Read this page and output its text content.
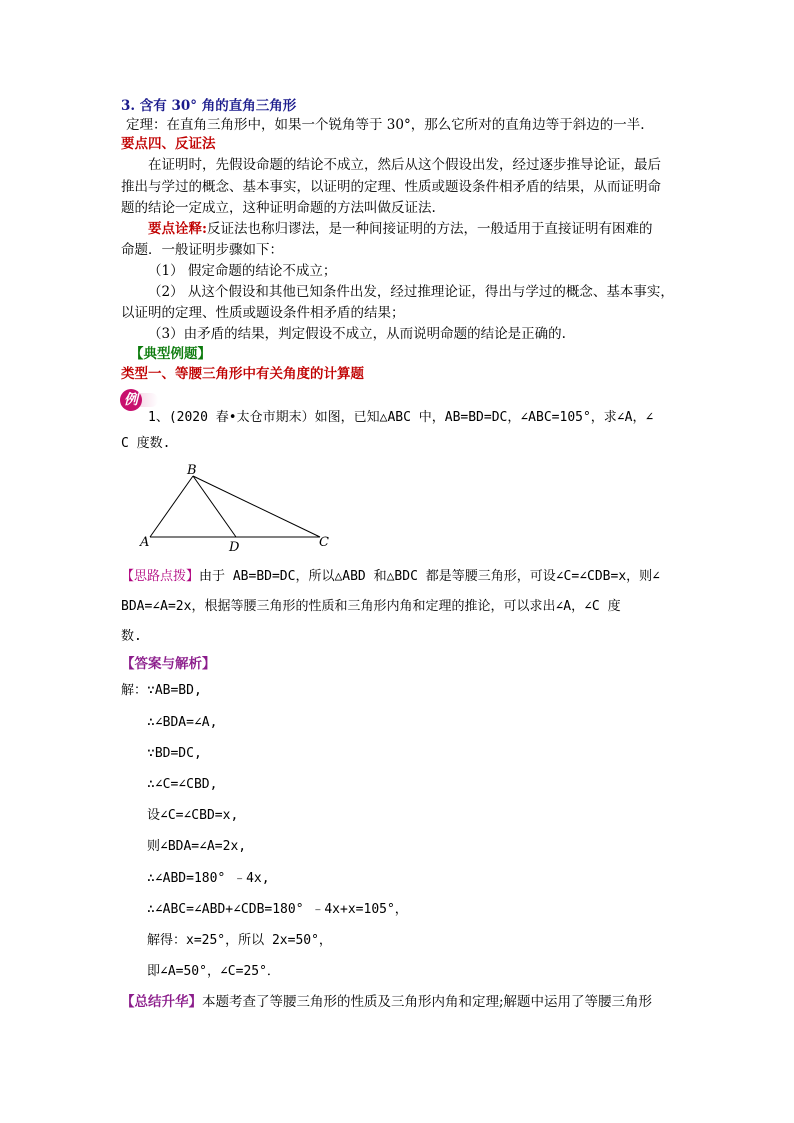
3. 含有 30° 角的直角三角形
定理：在直角三角形中，如果一个锐角等于 30°，那么它所对的直角边等于斜边的一半.
要点四、反证法
在证明时，先假设命题的结论不成立，然后从这个假设出发，经过逐步推导论证，最后
推出与学过的概念、基本事实，以证明的定理、性质或题设条件相矛盾的结果，从而证明命
题的结论一定成立，这种证明命题的方法叫做反证法.
要点诠释:反证法也称归谬法，是一种间接证明的方法，一般适用于直接证明有困难的
命题．一般证明步骤如下：
（1） 假定命题的结论不成立；
（2） 从这个假设和其他已知条件出发，经过推理论证，得出与学过的概念、基本事实，
以证明的定理、性质或题设条件相矛盾的结果；
（3）由矛盾的结果，判定假设不成立，从而说明命题的结论是正确的.
【典型例题】
类型一、等腰三角形中有关角度的计算题
例
1、(2020 春•太仓市期末）如图，已知△ABC 中，AB=BD=DC，∠ABC=105°，求∠A，∠
C 度数.
B
A	D	C
【思路点拨】由于 AB=BD=DC，所以△ABD 和△BDC 都是等腰三角形，可设∠C=∠CDB=x，则∠
BDA=∠A=2x，根据等腰三角形的性质和三角形内角和定理的推论，可以求出∠A，∠C 度
数.
【答案与解析】
解：∵AB=BD,
∴∠BDA=∠A,
∵BD=DC,
∴∠C=∠CBD,
设∠C=∠CBD=x,
则∠BDA=∠A=2x,
∴∠ABD=180° ﹣4x,
∴∠ABC=∠ABD+∠CDB=180° ﹣4x+x=105°，
解得：x=25°，所以 2x=50°，
即∠A=50°，∠C=25°．
【总结升华】本题考查了等腰三角形的性质及三角形内角和定理;解题中运用了等腰三角形
